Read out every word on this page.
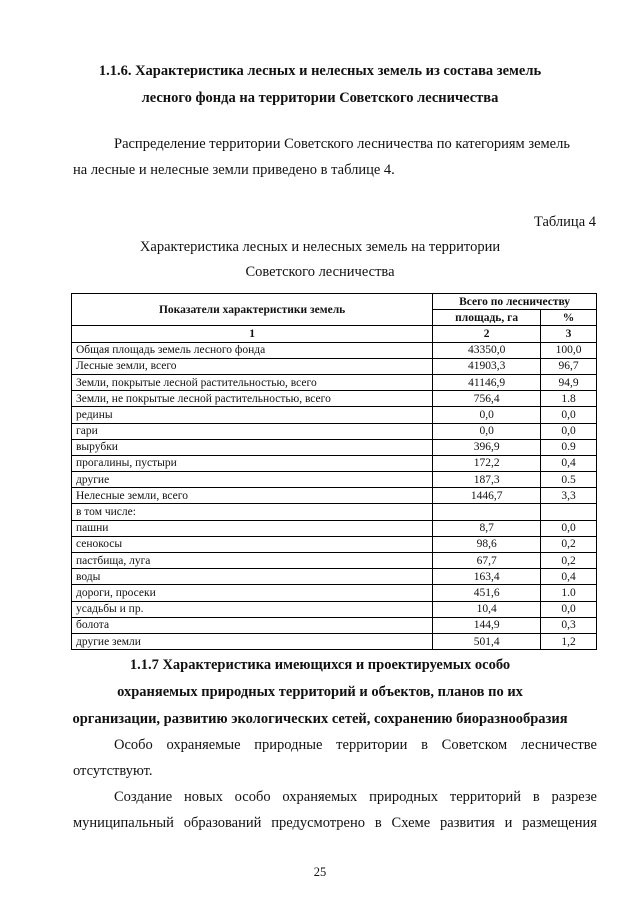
1.1.6. Характеристика лесных и нелесных земель из состава земель
лесного фонда на территории Советского лесничества
Распределение территории Советского лесничества по категориям земель
на лесные и нелесные земли приведено в таблице 4.
Таблица 4
Характеристика лесных и нелесных земель на территории
Советского лесничества
Показатели характеристики земель	Всего по лесничеству	
	площадь, га	%
1	2	3
Общая площадь земель лесного фонда	43350,0	100,0
Лесные земли, всего	41903,3	96,7
Земли, покрытые лесной растительностью, всего	41146,9	94,9
Земли, не покрытые лесной растительностью, всего	756,4	1.8
редины	0,0	0,0
гари	0,0	0,0
вырубки	396,9	0.9
прогалины, пустыри	172,2	0,4
другие	187,3	0.5
Нелесные земли, всего	1446,7	3,3
в том числе:		
пашни	8,7	0,0
сенокосы	98,6	0,2
пастбища, луга	67,7	0,2
воды	163,4	0,4
дороги, просеки	451,6	1.0
усадьбы и пр.	10,4	0,0
болота	144,9	0,3
другие земли	501,4	1,2
1.1.7 Характеристика имеющихся и проектируемых особо
охраняемых природных территорий и объектов, планов по их
организации, развитию экологических сетей, сохранению биоразнообразия
Особо охраняемые природные территории в Советском лесничестве
отсутствуют.
Создание новых особо охраняемых природных территорий в разрезе
муниципальный образований предусмотрено в Схеме развития и размещения
25
